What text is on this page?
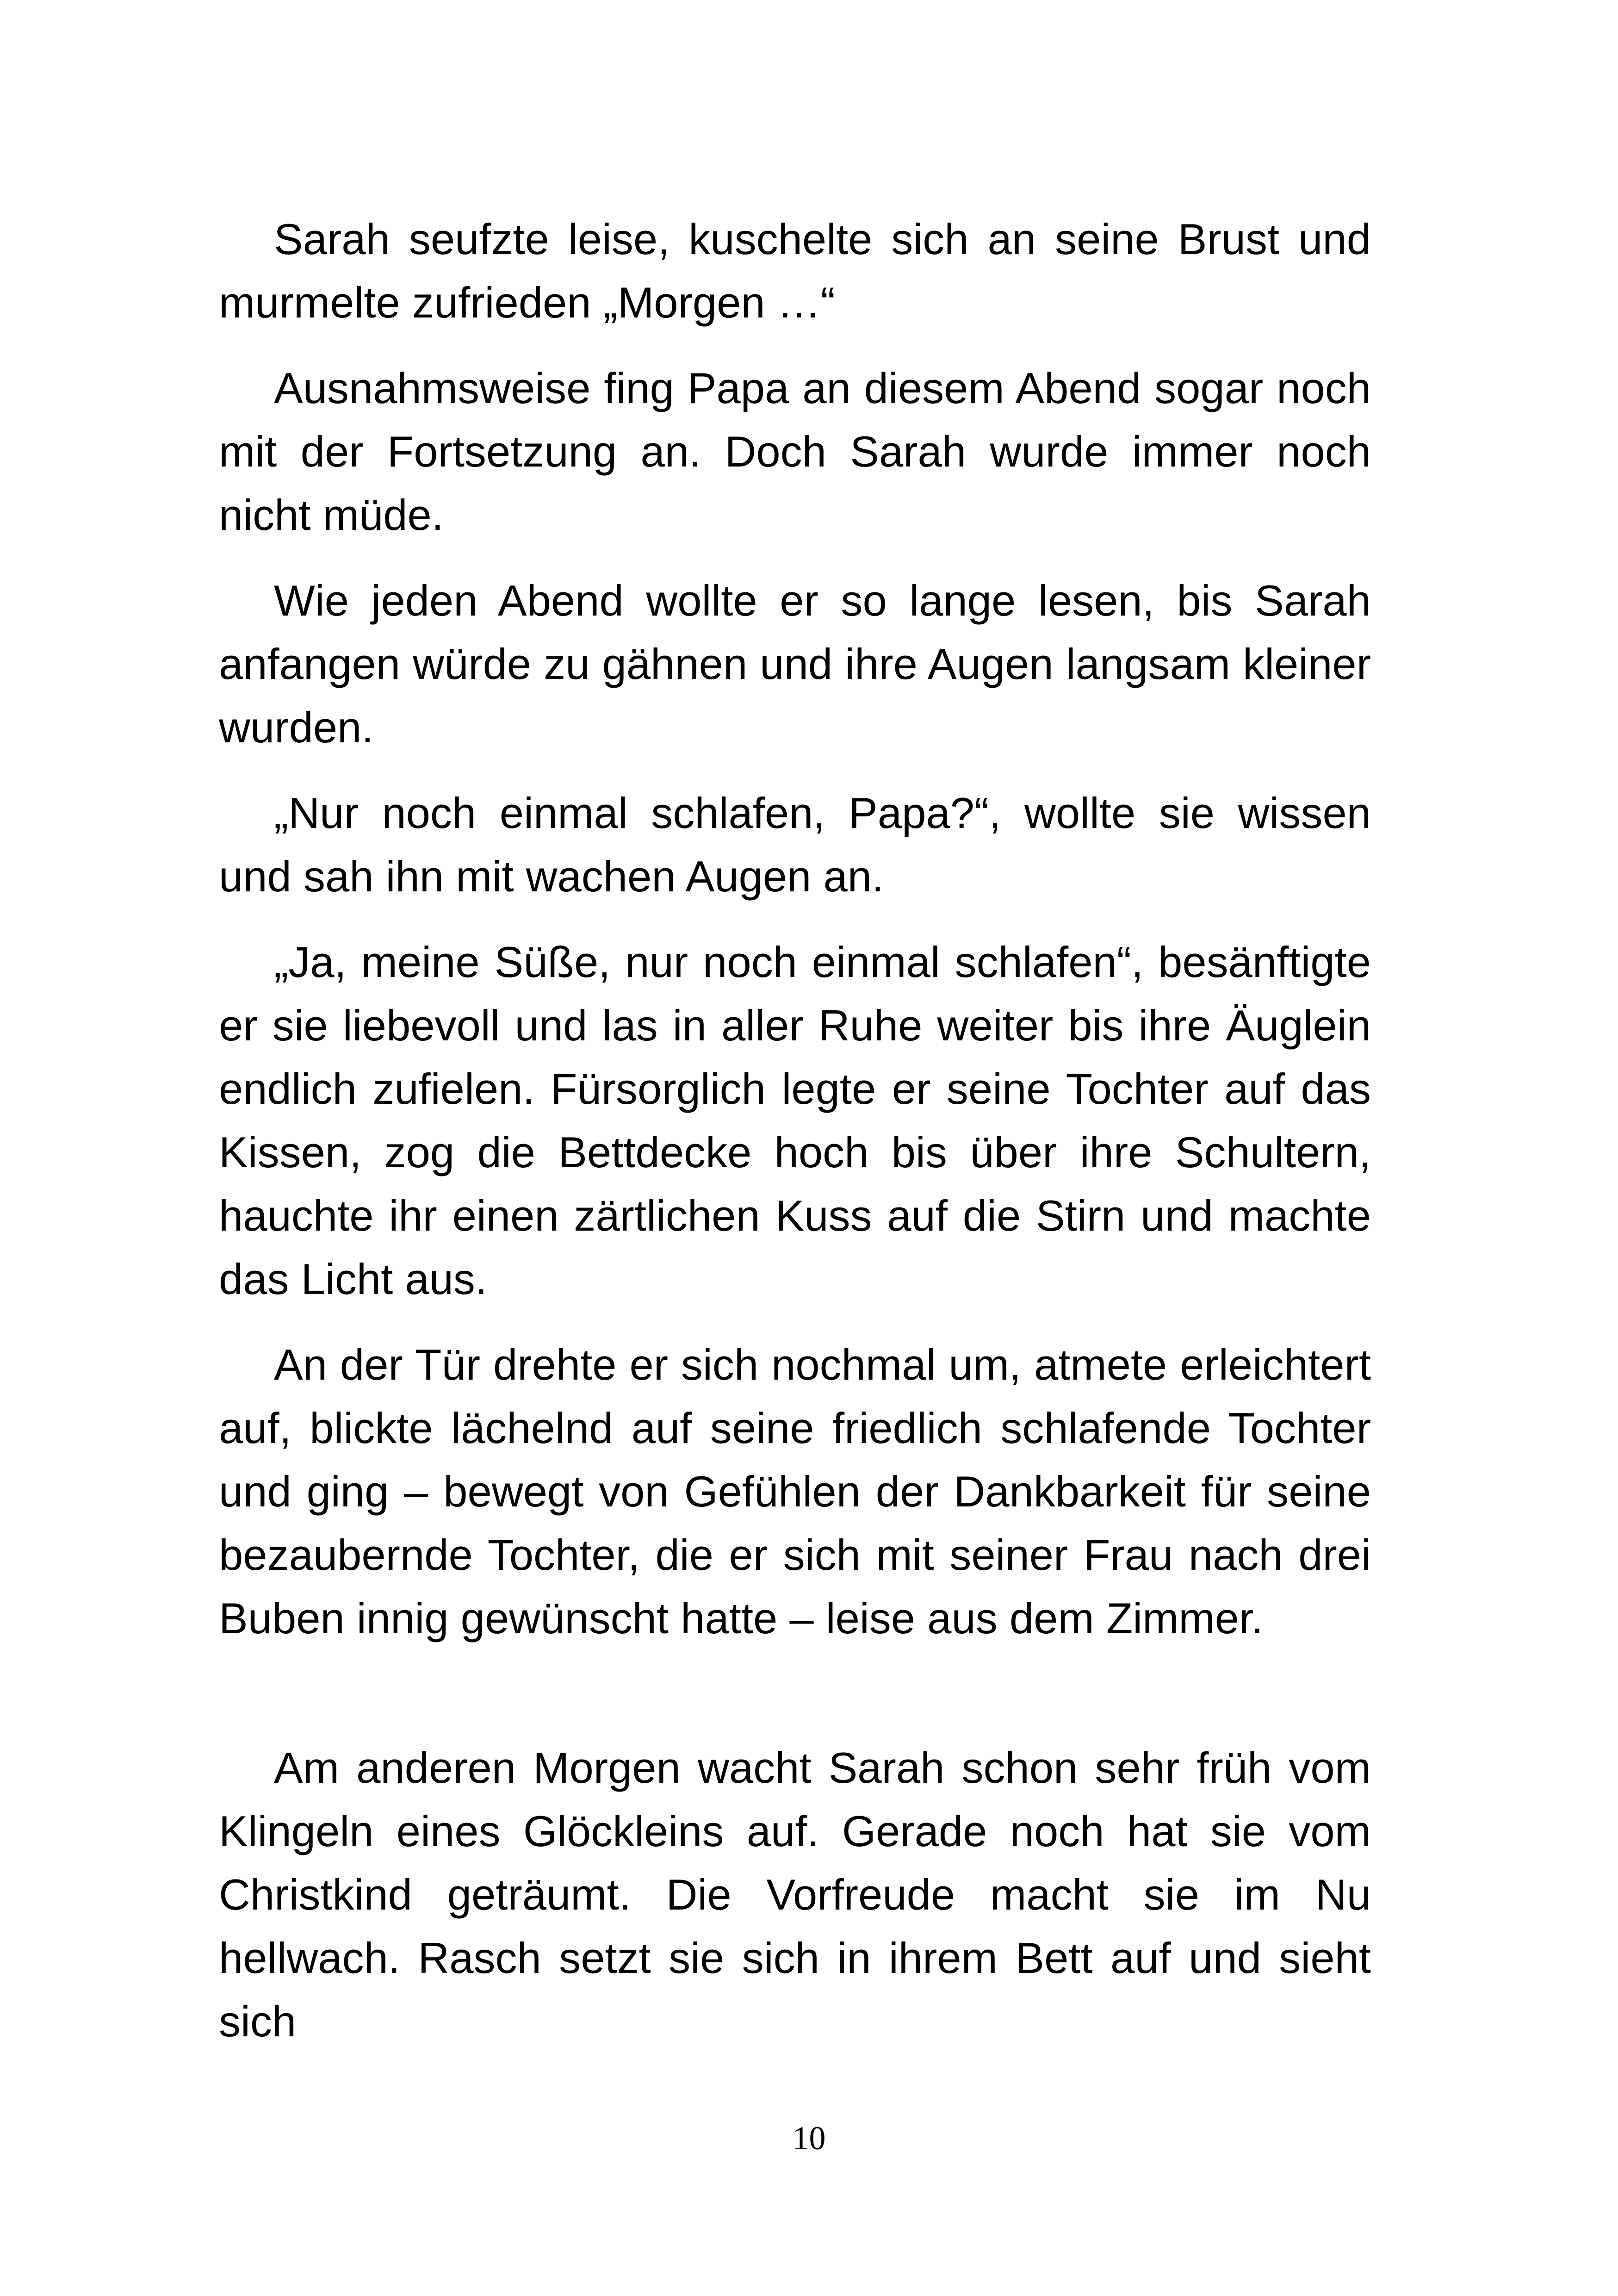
Sarah seufzte leise, kuschelte sich an seine Brust und murmelte zufrieden „Morgen …“

Ausnahmsweise fing Papa an diesem Abend sogar noch mit der Fortsetzung an. Doch Sarah wurde immer noch nicht müde.

Wie jeden Abend wollte er so lange lesen, bis Sarah anfangen würde zu gähnen und ihre Augen langsam kleiner wurden.

„Nur noch einmal schlafen, Papa?“, wollte sie wissen und sah ihn mit wachen Augen an.

„Ja, meine Süße, nur noch einmal schlafen“, besänftigte er sie liebevoll und las in aller Ruhe weiter bis ihre Äuglein endlich zufielen. Fürsorglich legte er seine Tochter auf das Kissen, zog die Bettdecke hoch bis über ihre Schultern, hauchte ihr einen zärtlichen Kuss auf die Stirn und machte das Licht aus.

An der Tür drehte er sich nochmal um, atmete erleichtert auf, blickte lächelnd auf seine friedlich schlafende Tochter und ging – bewegt von Gefühlen der Dankbarkeit für seine bezaubernde Tochter, die er sich mit seiner Frau nach drei Buben innig gewünscht hatte – leise aus dem Zimmer.

Am anderen Morgen wacht Sarah schon sehr früh vom Klingeln eines Glöckleins auf. Gerade noch hat sie vom Christkind geträumt. Die Vorfreude macht sie im Nu hellwach. Rasch setzt sie sich in ihrem Bett auf und sieht sich

10
